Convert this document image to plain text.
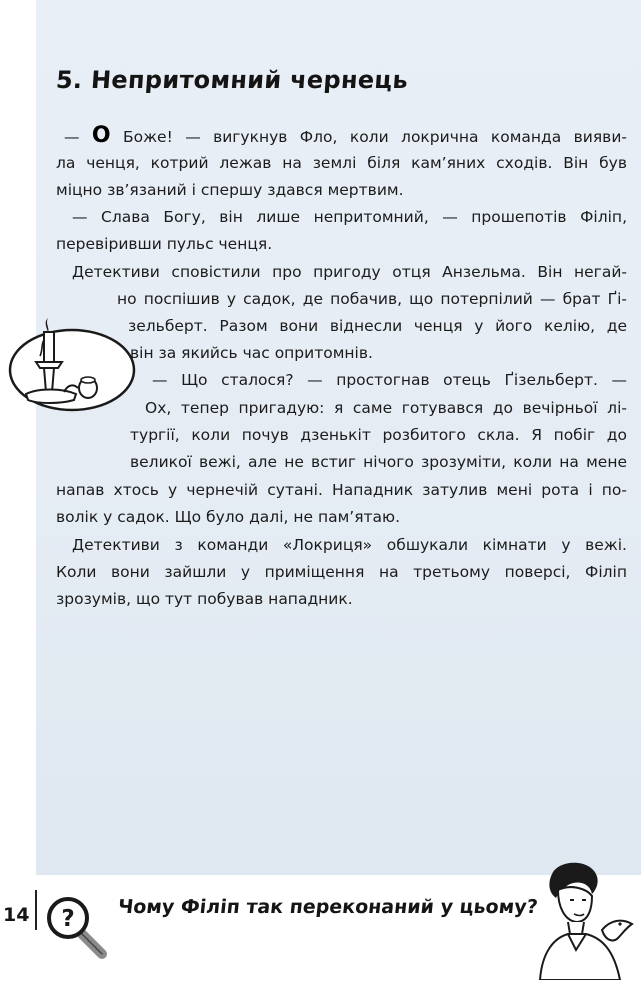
5. Непритомний чернець
— О Боже! — вигукнув Фло, коли локрична команда вияви-
ла ченця, котрий лежав на землі біля кам’яних сходів. Він був
міцно зв’язаний і спершу здався мертвим.
— Слава Богу, він лише непритомний, — прошепотів Філіп,
перевіривши пульс ченця.
Детективи сповістили про пригоду отця Анзельма. Він негай-
но поспішив у садок, де побачив, що потерпілий — брат Ґі-
зельберт. Разом вони віднесли ченця у його келію, де
він за якийсь час опритомнів.
— Що сталося? — простогнав отець Ґізельберт. —
Ох, тепер пригадую: я саме готувався до вечірньої лі-
тургії, коли почув дзенькіт розбитого скла. Я побіг до
великої вежі, але не встиг нічого зрозуміти, коли на мене
напав хтось у чернечій сутані. Нападник затулив мені рота і по-
волік у садок. Що було далі, не пам’ятаю.
Детективи з команди «Локриця» обшукали кімнати у вежі.
Коли вони зайшли у приміщення на третьому поверсі, Філіп
зрозумів, що тут побував нападник.
14 ? Чому Філіп так переконаний у цьому?
